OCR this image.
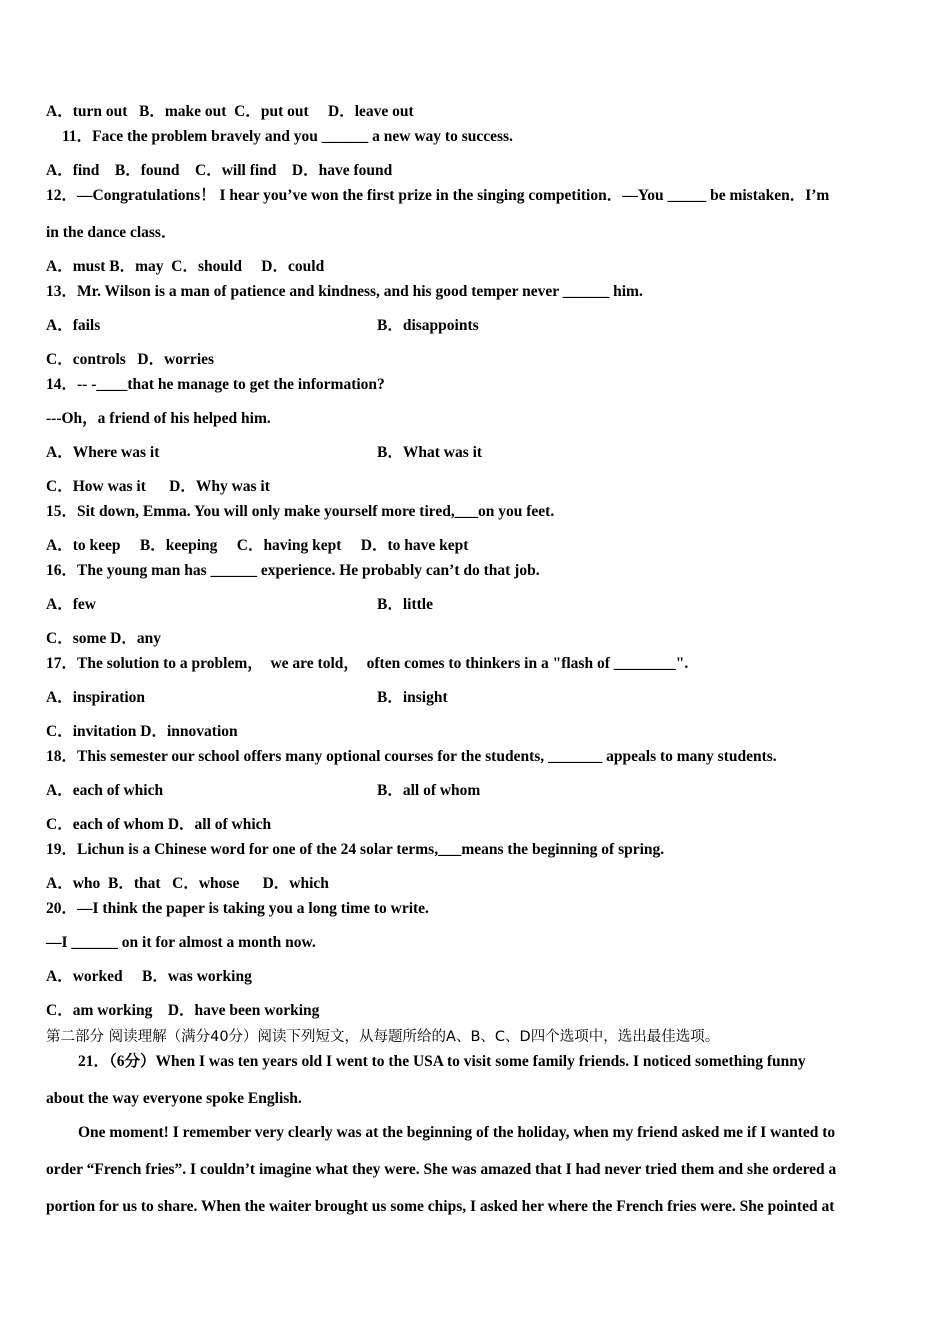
A．turn out   B．make out  C．put out     D．leave out
11．Face the problem bravely and you ______ a new way to success.
A．find    B．found    C．will find    D．have found
12．—Congratulations！ I hear you’ve won the first prize in the singing competition．—You _____ be mistaken．I’m
in the dance class．
A．must B．may  C．should     D．could
13．Mr. Wilson is a man of patience and kindness, and his good temper never ______ him.
A．fails	B．disappoints
C．controls   D．worries
14．-- -____that he manage to get the information?
---Oh，a friend of his helped him.
A．Where was it	B．What was it
C．How was it      D．Why was it
15．Sit down, Emma. You will only make yourself more tired,___on you feet.
A．to keep     B．keeping     C．having kept     D．to have kept
16．The young man has ______ experience. He probably can’t do that job.
A．few	B．little
C．some D．any
17．The solution to a problem，  we are told，  often comes to thinkers in a "flash of ________".
A．inspiration	B．insight
C．invitation D．innovation
18．This semester our school offers many optional courses for the students, _______ appeals to many students.
A．each of which	B．all of whom
C．each of whom D．all of which
19．Lichun is a Chinese word for one of the 24 solar terms,___means the beginning of spring.
A．who  B．that   C．whose      D．which
20．—I think the paper is taking you a long time to write.
—I ______ on it for almost a month now.
A．worked     B．was working
C．am working    D．have been working
第二部分 阅读理解（满分40分）阅读下列短文，从每题所给的A、B、C、D四个选项中，选出最佳选项。
21．（6分）When I was ten years old I went to the USA to visit some family friends. I noticed something funny
about the way everyone spoke English.
One moment! I remember very clearly was at the beginning of the holiday, when my friend asked me if I wanted to
order “French fries”. I couldn’t imagine what they were. She was amazed that I had never tried them and she ordered a
portion for us to share. When the waiter brought us some chips, I asked her where the French fries were. She pointed at
